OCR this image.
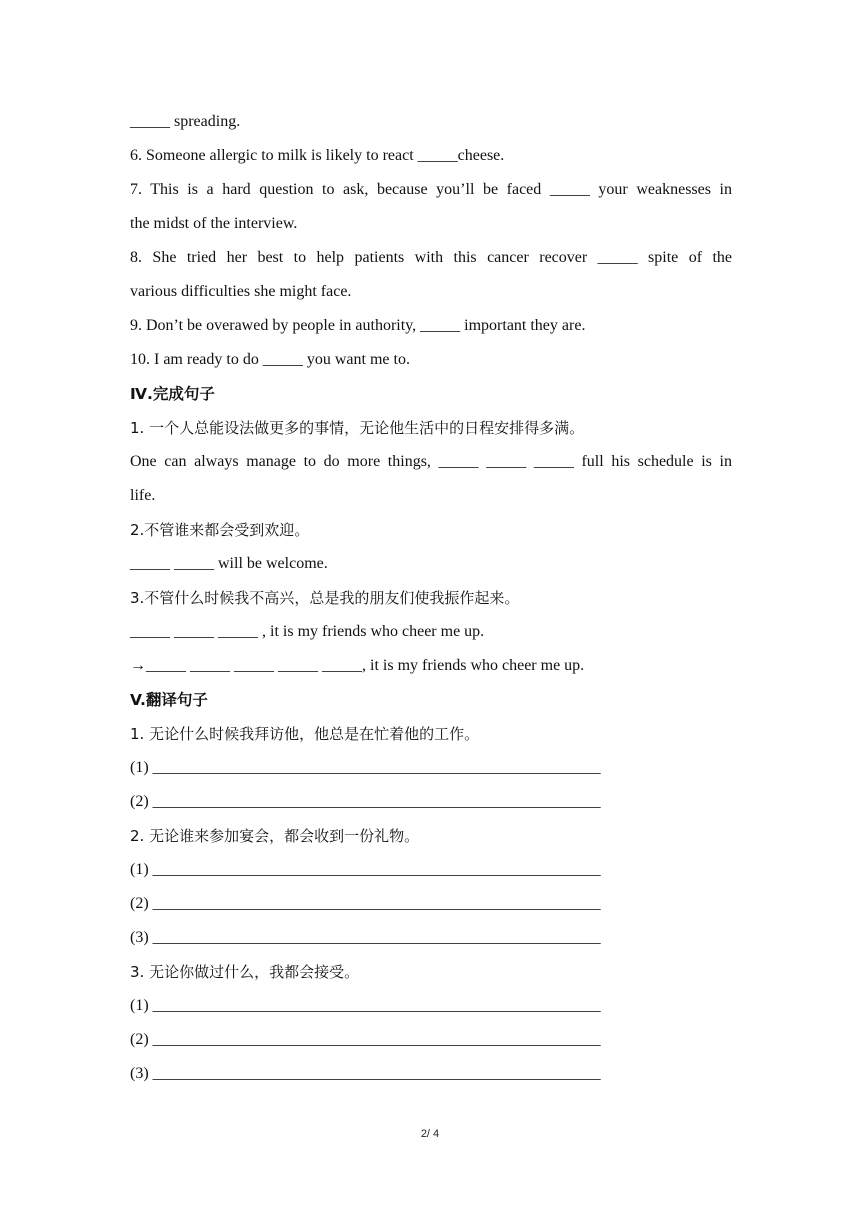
_____ spreading.
6. Someone allergic to milk is likely to react _____cheese.
7. This is a hard question to ask, because you’ll be faced _____ your weaknesses in
the midst of the interview.
8. She tried her best to help patients with this cancer recover _____ spite of the
various difficulties she might face.
9. Don’t be overawed by people in authority, _____ important they are.
10. I am ready to do _____ you want me to.
Ⅳ.完成句子
1. 一个人总能设法做更多的事情，无论他生活中的日程安排得多满。
One can always manage to do more things, _____ _____ _____ full his schedule is in
life.
2.不管谁来都会受到欢迎。
_____ _____ will be welcome.
3.不管什么时候我不高兴，总是我的朋友们使我振作起来。
_____ _____ _____ , it is my friends who cheer me up.
→_____ _____ _____ _____ _____, it is my friends who cheer me up.
V.翻译句子
1. 无论什么时候我拜访他，他总是在忙着他的工作。
(1) ________________________________________________________
(2) ________________________________________________________
2. 无论谁来参加宴会，都会收到一份礼物。
(1) ________________________________________________________
(2) ________________________________________________________
(3) ________________________________________________________
3. 无论你做过什么，我都会接受。
(1) ________________________________________________________
(2) ________________________________________________________
(3) ________________________________________________________
2/ 4
